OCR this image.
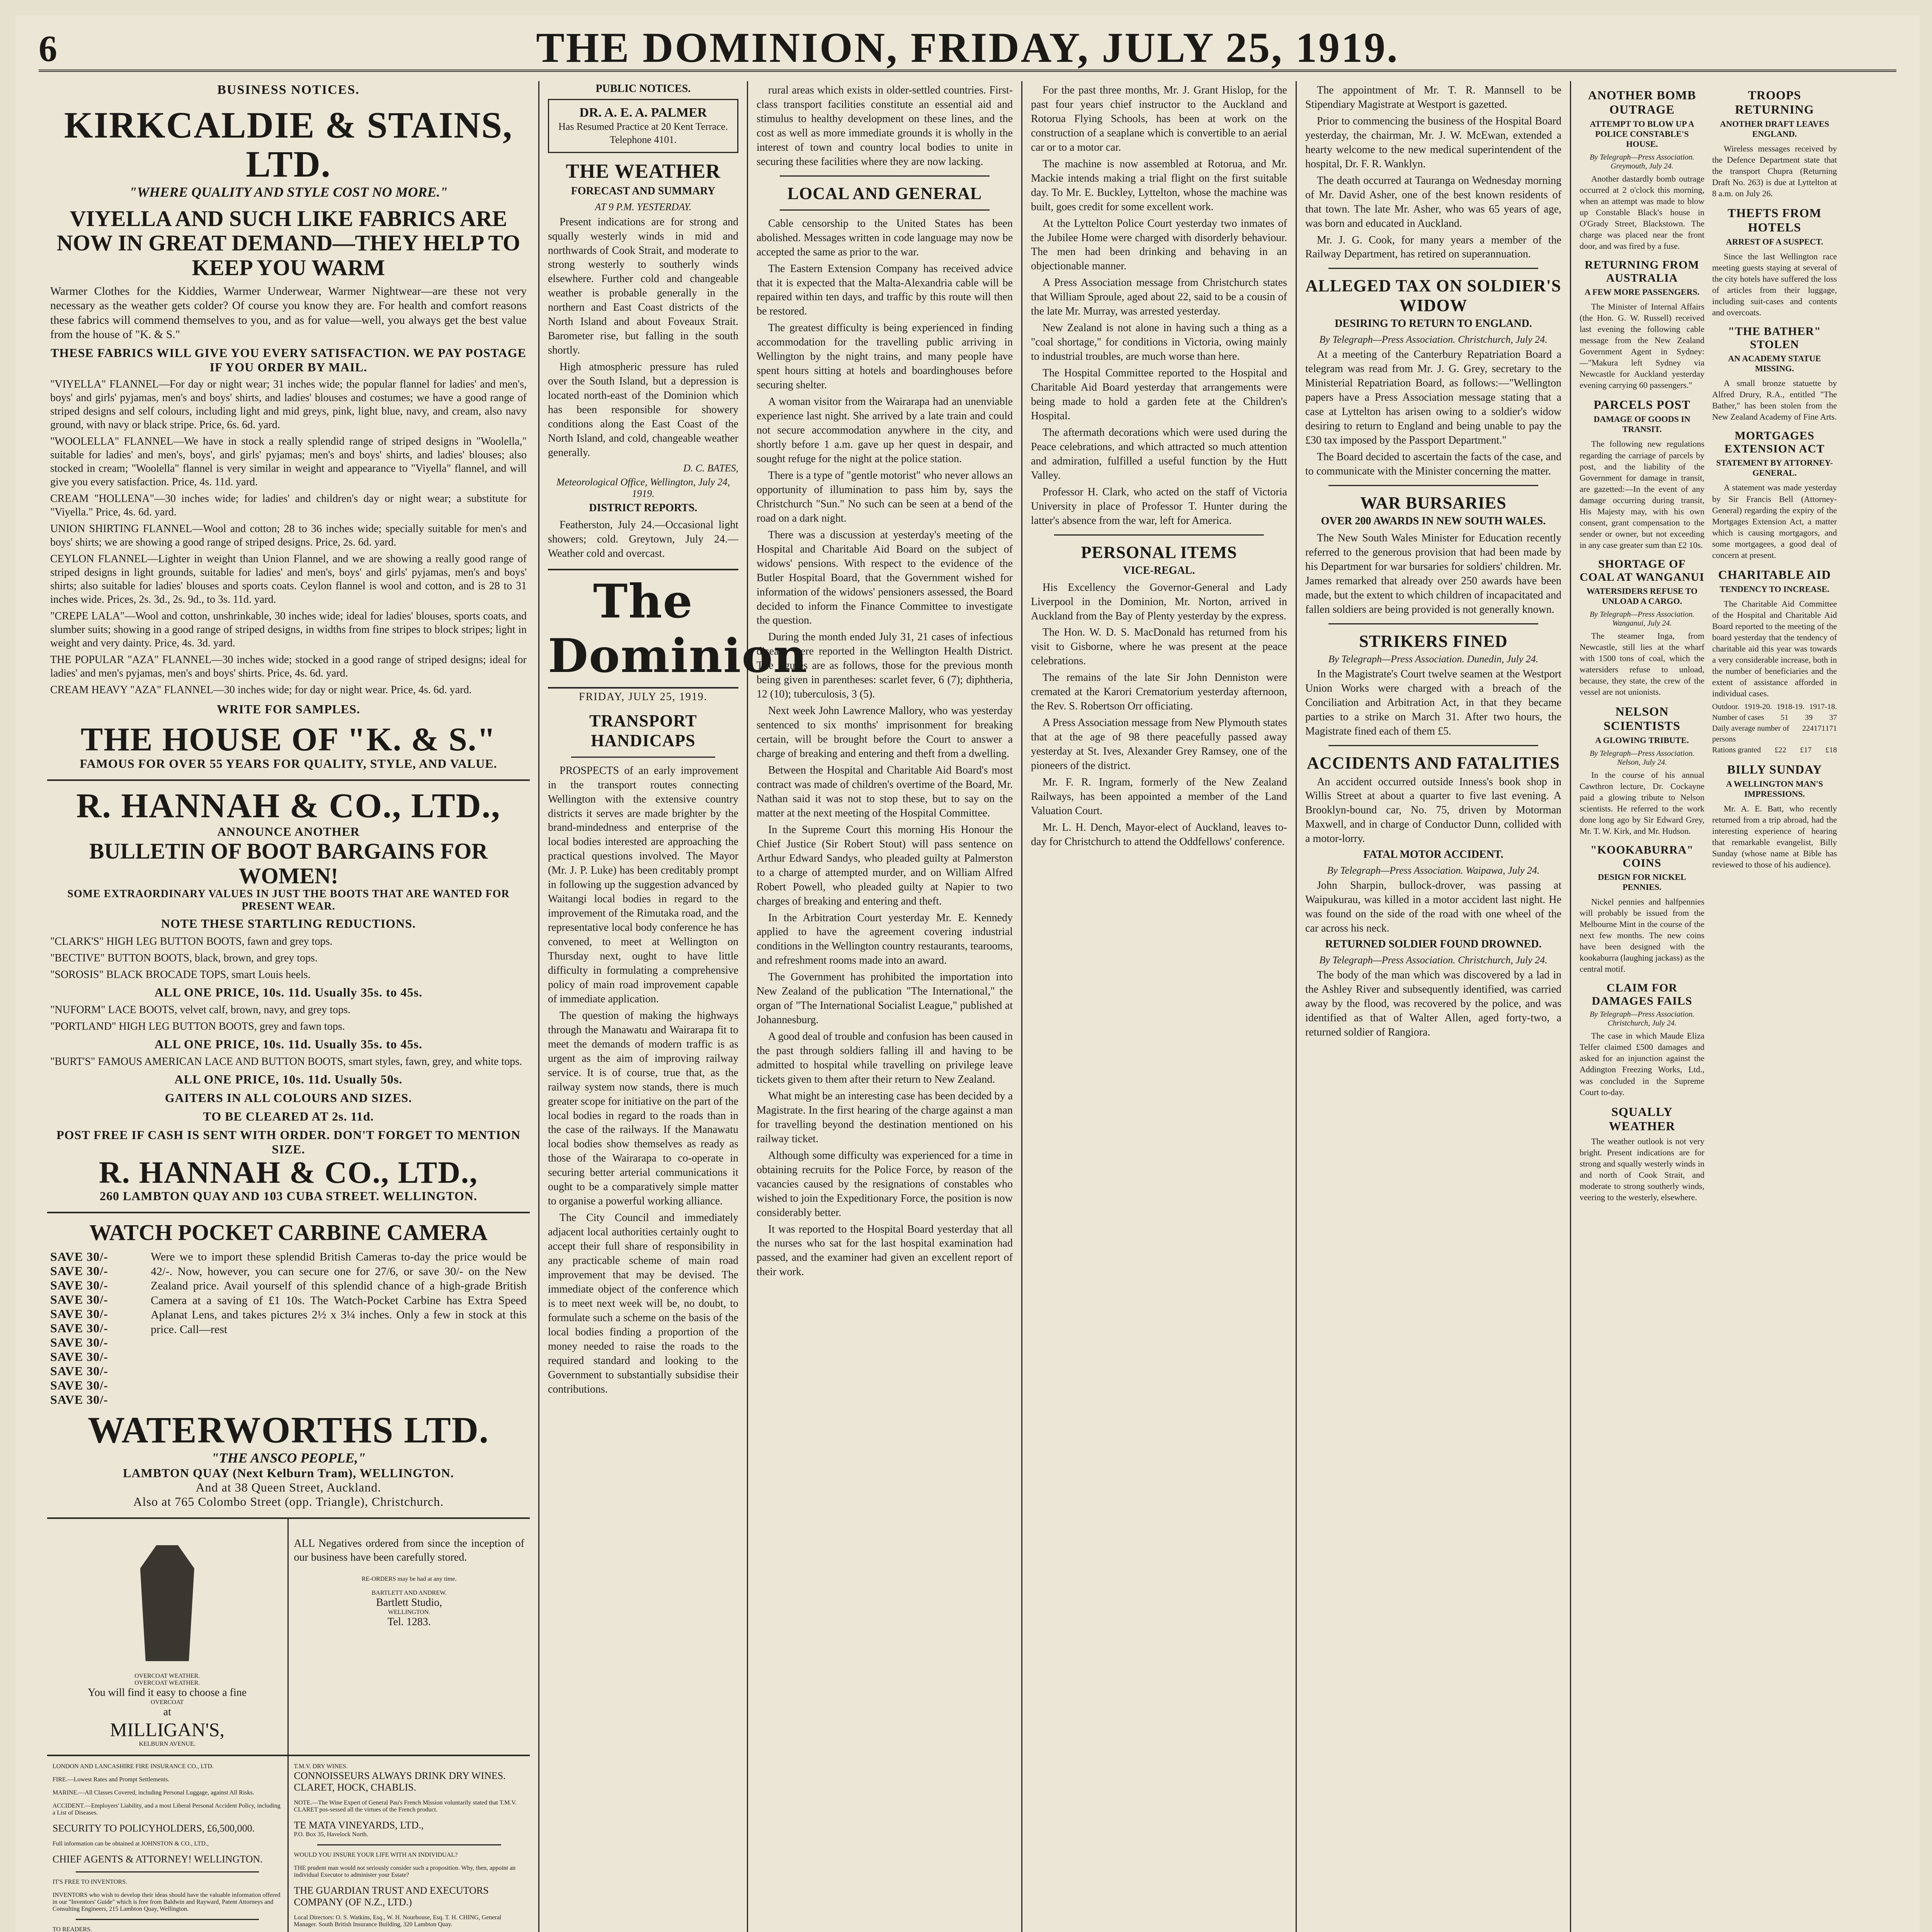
6	THE DOMINION, FRIDAY, JULY 25, 1919.
BUSINESS NOTICES.
KIRKCALDIE & STAINS, LTD.
"WHERE QUALITY AND STYLE COST NO MORE."
VIYELLA AND SUCH LIKE FABRICS ARE NOW IN GREAT DEMAND—THEY HELP TO KEEP YOU WARM

Warmer Clothes for the Kiddies, Warmer Underwear, Warmer Nightwear—are these not very necessary as the weather gets colder? Of course you know they are. For health and comfort reasons these fabrics will commend themselves to you, and as for value—well, you always get the best value from the house of "K. & S."

THESE FABRICS WILL GIVE YOU EVERY SATISFACTION. WE PAY POSTAGE IF YOU ORDER BY MAIL.
"VIYELLA" FLANNEL—For day or night wear; 31 inches wide; the popular flannel for ladies' and men's, boys' and girls' pyjamas, men's and boys' shirts, and ladies' blouses and costumes; we have a good range of striped designs and self colours, including light and mid greys, pink, light blue, navy, and cream, also navy ground, with navy or black stripe. Price, 6s. 6d. yard.
"WOOLELLA" FLANNEL—We have in stock a really splendid range of striped designs in "Woolella," suitable for ladies' and men's, boys', and girls' pyjamas; men's and boys' shirts, and ladies' blouses; also stocked in cream; "Woolella" flannel is very similar in weight and appearance to "Viyella" flannel, and will give you every satisfaction. Price, 4s. 11d. yard.
CREAM "HOLLENA"—30 inches wide; for ladies' and children's day or night wear; a substitute for "Viyella." Price, 4s. 6d. yard.
UNION SHIRTING FLANNEL—Wool and cotton; 28 to 36 inches wide; specially suitable for men's and boys' shirts; we are showing a good range of striped designs. Price, 2s. 6d. yard.
CEYLON FLANNEL—Lighter in weight than Union Flannel, and we are showing a really good range of striped designs in light grounds, suitable for ladies' and men's, boys' and girls' pyjamas, men's and boys' shirts; also suitable for ladies' blouses and sports coats. Ceylon flannel is wool and cotton, and is 28 to 31 inches wide. Prices, 2s. 3d., 2s. 9d., to 3s. 11d. yard.
"CREPE LALA"—Wool and cotton, unshrinkable, 30 inches wide; ideal for ladies' blouses, sports coats, and slumber suits; showing in a good range of striped designs, in widths from fine stripes to block stripes; light in weight and very dainty. Price, 4s. 3d. yard.
THE POPULAR "AZA" FLANNEL—30 inches wide; stocked in a good range of striped designs; ideal for ladies' and men's pyjamas, men's and boys' shirts. Price, 4s. 6d. yard.
CREAM HEAVY "AZA" FLANNEL—30 inches wide; for day or night wear. Price, 4s. 6d. yard.
WRITE FOR SAMPLES.
THE HOUSE OF "K. & S."
FAMOUS FOR OVER 55 YEARS FOR QUALITY, STYLE, AND VALUE.
R. HANNAH & CO., LTD.,
ANNOUNCE ANOTHER
BULLETIN OF BOOT BARGAINS FOR WOMEN!
SOME EXTRAORDINARY VALUES IN JUST THE BOOTS THAT ARE WANTED FOR PRESENT WEAR.
NOTE THESE STARTLING REDUCTIONS.
"CLARK'S" HIGH LEG BUTTON BOOTS, fawn and grey tops.
"BECTIVE" BUTTON BOOTS, black, brown, and grey tops.
"SOROSIS" BLACK BROCADE TOPS, smart Louis heels.
ALL ONE PRICE, 10s. 11d. Usually 35s. to 45s.
"NUFORM" LACE BOOTS, velvet calf, brown, navy, and grey tops.
"PORTLAND" HIGH LEG BUTTON BOOTS, grey and fawn tops.
ALL ONE PRICE, 10s. 11d. Usually 35s. to 45s.
"BURT'S" FAMOUS AMERICAN LACE AND BUTTON BOOTS, smart styles, fawn, grey, and white tops.
ALL ONE PRICE, 10s. 11d. Usually 50s.
GAITERS IN ALL COLOURS AND SIZES.
TO BE CLEARED AT 2s. 11d.
POST FREE IF CASH IS SENT WITH ORDER. DON'T FORGET TO MENTION SIZE.
R. HANNAH & CO., LTD.,
260 LAMBTON QUAY AND 103 CUBA STREET. WELLINGTON.
WATCH POCKET CARBINE CAMERA
SAVE 30/-
SAVE 30/-
SAVE 30/-
SAVE 30/-
SAVE 30/-
SAVE 30/-
SAVE 30/-
SAVE 30/-
SAVE 30/-
SAVE 30/-
SAVE 30/-

Were we to import these splendid British Cameras to-day the price would be 42/-. Now, however, you can secure one for 27/6, or save 30/- on the New Zealand price. Avail yourself of this splendid chance of a high-grade British Camera at a saving of £1 10s. The Watch-Pocket Carbine has Extra Speed Aplanat Lens, and takes pictures 2½ x 3¼ inches. Only a few in stock at this price. Call—rest

WATERWORTHS LTD.
"THE ANSCO PEOPLE,"
LAMBTON QUAY (Next Kelburn Tram), WELLINGTON.
And at 38 Queen Street, Auckland.
Also at 765 Colombo Street (opp. Triangle), Christchurch.
OVERCOAT WEATHER.
OVERCOAT WEATHER.
You will find it easy to choose a fine
OVERCOAT
at
MILLIGAN'S,
KELBURN AVENUE.

ALL Negatives ordered from since the inception of our business have been carefully stored.

RE-ORDERS may be had at any time.
BARTLETT AND ANDREW.
Bartlett Studio,
WELLINGTON.
Tel. 1283.
LONDON AND LANCASHIRE FIRE INSURANCE CO., LTD.

FIRE.—Lowest Rates and Prompt Settlements.

MARINE.—All Classes Covered, including Personal Luggage, against All Risks.

ACCIDENT.—Employers' Liability, and a most Liberal Personal Accident Policy, including a List of Diseases.

SECURITY TO POLICYHOLDERS, £6,500,000.

Full information can be obtained at JOHNSTON & CO., LTD.,

CHIEF AGENTS & ATTORNEY! WELLINGTON.
IT'S FREE TO INVENTORS.

INVENTORS who wish to develop their ideas should have the valuable information offered in our "Inventors' Guide" which is free from Baldwin and Rayward, Patent Attorneys and Consulting Engineers, 215 Lambton Quay, Wellington.

TO READERS.

T.M.V. DRY WINES.
CONNOISSEURS ALWAYS DRINK DRY WINES.
CLARET, HOCK, CHABLIS.

NOTE.—The Wine Expert of General Pau's French Mission voluntarily stated that T.M.V. CLARET pos-sessed all the virtues of the French product.

TE MATA VINEYARDS, LTD.,
P.O. Box 35, Havelock North.
WOULD YOU INSURE YOUR LIFE WITH AN INDIVIDUAL?

THE prudent man would not seriously consider such a proposition. Why, then, appoint an individual Executor to administer your Estate?

THE GUARDIAN TRUST AND EXECUTORS COMPANY (OF N.Z., LTD.)

Local Directors: O. S. Watkins, Esq., W. H. Nourbouse, Esq. T. H. CHING, General Manager. South British Insurance Building, 320 Lambton Quay.

PUBLIC NOTICES.
DR. A. E. A. PALMER
Has Resumed Practice at 20 Kent Terrace.
Telephone 4101.
THE WEATHER
FORECAST AND SUMMARY
AT 9 P.M. YESTERDAY.

Present indications are for strong and squally westerly winds in mid and northwards of Cook Strait, and moderate to strong westerly to southerly winds elsewhere. Further cold and changeable weather is probable generally in the northern and East Coast districts of the North Island and about Foveaux Strait. Barometer rise, but falling in the south shortly.

High atmospheric pressure has ruled over the South Island, but a depression is located north-east of the Dominion which has been responsible for showery conditions along the East Coast of the North Island, and cold, changeable weather generally.

D. C. BATES,
Meteorological Office, Wellington, July 24, 1919.
DISTRICT REPORTS.

Featherston, July 24.—Occasional light showers; cold. Greytown, July 24.—Weather cold and overcast.

The Dominion
FRIDAY, JULY 25, 1919.
TRANSPORT HANDICAPS

PROSPECTS of an early improvement in the transport routes connecting Wellington with the extensive country districts it serves are made brighter by the brand-mindedness and enterprise of the local bodies interested are approaching the practical questions involved. The Mayor (Mr. J. P. Luke) has been creditably prompt in following up the suggestion advanced by Waitangi local bodies in regard to the improvement of the Rimutaka road, and the representative local body conference he has convened, to meet at Wellington on Thursday next, ought to have little difficulty in formulating a comprehensive policy of main road improvement capable of immediate application.

The question of making the highways through the Manawatu and Wairarapa fit to meet the demands of modern traffic is as urgent as the aim of improving railway service. It is of course, true that, as the railway system now stands, there is much greater scope for initiative on the part of the local bodies in regard to the roads than in the case of the railways. If the Manawatu local bodies show themselves as ready as those of the Wairarapa to co-operate in securing better arterial communications it ought to be a comparatively simple matter to organise a powerful working alliance.

The City Council and immediately adjacent local authorities certainly ought to accept their full share of responsibility in any practicable scheme of main road improvement that may be devised. The immediate object of the conference which is to meet next week will be, no doubt, to formulate such a scheme on the basis of the local bodies finding a proportion of the money needed to raise the roads to the required standard and looking to the Government to substantially subsidise their contributions.

rural areas which exists in older-settled countries. First-class transport facilities constitute an essential aid and stimulus to healthy development on these lines, and the cost as well as more immediate grounds it is wholly in the interest of town and country local bodies to unite in securing these facilities where they are now lacking.

LOCAL AND GENERAL

Cable censorship to the United States has been abolished. Messages written in code language may now be accepted the same as prior to the war.

The Eastern Extension Company has received advice that it is expected that the Malta-Alexandria cable will be repaired within ten days, and traffic by this route will then be restored.

The greatest difficulty is being experienced in finding accommodation for the travelling public arriving in Wellington by the night trains, and many people have spent hours sitting at hotels and boardinghouses before securing shelter.

A woman visitor from the Wairarapa had an unenviable experience last night. She arrived by a late train and could not secure accommodation anywhere in the city, and shortly before 1 a.m. gave up her quest in despair, and sought refuge for the night at the police station.

There is a type of "gentle motorist" who never allows an opportunity of illumination to pass him by, says the Christchurch "Sun." No such can be seen at a bend of the road on a dark night.

There was a discussion at yesterday's meeting of the Hospital and Charitable Aid Board on the subject of widows' pensions. With respect to the evidence of the Butler Hospital Board, that the Government wished for information of the widows' pensioners assessed, the Board decided to inform the Finance Committee to investigate the question.

During the month ended July 31, 21 cases of infectious disease were reported in the Wellington Health District. The figures are as follows, those for the previous month being given in parentheses: scarlet fever, 6 (7); diphtheria, 12 (10); tuberculosis, 3 (5).

Next week John Lawrence Mallory, who was yesterday sentenced to six months' imprisonment for breaking certain, will be brought before the Court to answer a charge of breaking and entering and theft from a dwelling.

Between the Hospital and Charitable Aid Board's most contract was made of children's overtime of the Board, Mr. Nathan said it was not to stop these, but to say on the matter at the next meeting of the Hospital Committee.

In the Supreme Court this morning His Honour the Chief Justice (Sir Robert Stout) will pass sentence on Arthur Edward Sandys, who pleaded guilty at Palmerston to a charge of attempted murder, and on William Alfred Robert Powell, who pleaded guilty at Napier to two charges of breaking and entering and theft.

In the Arbitration Court yesterday Mr. E. Kennedy applied to have the agreement covering industrial conditions in the Wellington country restaurants, tearooms, and refreshment rooms made into an award.

The Government has prohibited the importation into New Zealand of the publication "The International," the organ of "The International Socialist League," published at Johannesburg.

A good deal of trouble and confusion has been caused in the past through soldiers falling ill and having to be admitted to hospital while travelling on privilege leave tickets given to them after their return to New Zealand.

What might be an interesting case has been decided by a Magistrate. In the first hearing of the charge against a man for travelling beyond the destination mentioned on his railway ticket.

Although some difficulty was experienced for a time in obtaining recruits for the Police Force, by reason of the vacancies caused by the resignations of constables who wished to join the Expeditionary Force, the position is now considerably better.

It was reported to the Hospital Board yesterday that all the nurses who sat for the last hospital examination had passed, and the examiner had given an excellent report of their work.

For the past three months, Mr. J. Grant Hislop, for the past four years chief instructor to the Auckland and Rotorua Flying Schools, has been at work on the construction of a seaplane which is convertible to an aerial car or to a motor car.

The machine is now assembled at Rotorua, and Mr. Mackie intends making a trial flight on the first suitable day. To Mr. E. Buckley, Lyttelton, whose the machine was built, goes credit for some excellent work.

At the Lyttelton Police Court yesterday two inmates of the Jubilee Home were charged with disorderly behaviour. The men had been drinking and behaving in an objectionable manner.

A Press Association message from Christchurch states that William Sproule, aged about 22, said to be a cousin of the late Mr. Murray, was arrested yesterday.

New Zealand is not alone in having such a thing as a "coal shortage," for conditions in Victoria, owing mainly to industrial troubles, are much worse than here.

The Hospital Committee reported to the Hospital and Charitable Aid Board yesterday that arrangements were being made to hold a garden fete at the Children's Hospital.

The aftermath decorations which were used during the Peace celebrations, and which attracted so much attention and admiration, fulfilled a useful function by the Hutt Valley.

Professor H. Clark, who acted on the staff of Victoria University in place of Professor T. Hunter during the latter's absence from the war, left for America.

PERSONAL ITEMS
VICE-REGAL.

His Excellency the Governor-General and Lady Liverpool in the Dominion, Mr. Norton, arrived in Auckland from the Bay of Plenty yesterday by the express.

The Hon. W. D. S. MacDonald has returned from his visit to Gisborne, where he was present at the peace celebrations.

The remains of the late Sir John Denniston were cremated at the Karori Crematorium yesterday afternoon, the Rev. S. Robertson Orr officiating.

A Press Association message from New Plymouth states that at the age of 98 there peacefully passed away yesterday at St. Ives, Alexander Grey Ramsey, one of the pioneers of the district.

Mr. F. R. Ingram, formerly of the New Zealand Railways, has been appointed a member of the Land Valuation Court.

Mr. L. H. Dench, Mayor-elect of Auckland, leaves to-day for Christchurch to attend the Oddfellows' conference.

The appointment of Mr. T. R. Mannsell to be Stipendiary Magistrate at Westport is gazetted.

Prior to commencing the business of the Hospital Board yesterday, the chairman, Mr. J. W. McEwan, extended a hearty welcome to the new medical superintendent of the hospital, Dr. F. R. Wanklyn.

The death occurred at Tauranga on Wednesday morning of Mr. David Asher, one of the best known residents of that town. The late Mr. Asher, who was 65 years of age, was born and educated in Auckland.

Mr. J. G. Cook, for many years a member of the Railway Department, has retired on superannuation.

ALLEGED TAX ON SOLDIER'S WIDOW
DESIRING TO RETURN TO ENGLAND.
By Telegraph—Press Association. Christchurch, July 24.

At a meeting of the Canterbury Repatriation Board a telegram was read from Mr. J. G. Grey, secretary to the Ministerial Repatriation Board, as follows:—"Wellington papers have a Press Association message stating that a case at Lyttelton has arisen owing to a soldier's widow desiring to return to England and being unable to pay the £30 tax imposed by the Passport Department."

The Board decided to ascertain the facts of the case, and to communicate with the Minister concerning the matter.

WAR BURSARIES
OVER 200 AWARDS IN NEW SOUTH WALES.

The New South Wales Minister for Education recently referred to the generous provision that had been made by his Department for war bursaries for soldiers' children. Mr. James remarked that already over 250 awards have been made, but the extent to which children of incapacitated and fallen soldiers are being provided is not generally known.

STRIKERS FINED
By Telegraph—Press Association. Dunedin, July 24.

In the Magistrate's Court twelve seamen at the Westport Union Works were charged with a breach of the Conciliation and Arbitration Act, in that they became parties to a strike on March 31. After two hours, the Magistrate fined each of them £5.

ACCIDENTS AND FATALITIES

An accident occurred outside Inness's book shop in Willis Street at about a quarter to five last evening. A Brooklyn-bound car, No. 75, driven by Motorman Maxwell, and in charge of Conductor Dunn, collided with a motor-lorry.

FATAL MOTOR ACCIDENT.
By Telegraph—Press Association. Waipawa, July 24.

John Sharpin, bullock-drover, was passing at Waipukurau, was killed in a motor accident last night. He was found on the side of the road with one wheel of the car across his neck.

RETURNED SOLDIER FOUND DROWNED.
By Telegraph—Press Association. Christchurch, July 24.

The body of the man which was discovered by a lad in the Ashley River and subsequently identified, was carried away by the flood, was recovered by the police, and was identified as that of Walter Allen, aged forty-two, a returned soldier of Rangiora.

ANOTHER BOMB OUTRAGE
ATTEMPT TO BLOW UP A POLICE CONSTABLE'S HOUSE.
By Telegraph—Press Association. Greymouth, July 24.

Another dastardly bomb outrage occurred at 2 o'clock this morning, when an attempt was made to blow up Constable Black's house in O'Grady Street, Blackstown. The charge was placed near the front door, and was fired by a fuse.

RETURNING FROM AUSTRALIA
A FEW MORE PASSENGERS.

The Minister of Internal Affairs (the Hon. G. W. Russell) received last evening the following cable message from the New Zealand Government Agent in Sydney:—"Makura left Sydney via Newcastle for Auckland yesterday evening carrying 60 passengers."

PARCELS POST
DAMAGE OF GOODS IN TRANSIT.

The following new regulations regarding the carriage of parcels by post, and the liability of the Government for damage in transit, are gazetted:—In the event of any damage occurring during transit, His Majesty may, with his own consent, grant compensation to the sender or owner, but not exceeding in any case greater sum than £2 10s.

SHORTAGE OF COAL AT WANGANUI
WATERSIDERS REFUSE TO UNLOAD A CARGO.
By Telegraph—Press Association. Wanganui, July 24.

The steamer Inga, from Newcastle, still lies at the wharf with 1500 tons of coal, which the watersiders refuse to unload, because, they state, the crew of the vessel are not unionists.

NELSON SCIENTISTS
A GLOWING TRIBUTE.
By Telegraph—Press Association. Nelson, July 24.

In the course of his annual Cawthron lecture, Dr. Cockayne paid a glowing tribute to Nelson scientists. He referred to the work done long ago by Sir Edward Grey, Mr. T. W. Kirk, and Mr. Hudson.

"KOOKABURRA" COINS
DESIGN FOR NICKEL PENNIES.

Nickel pennies and halfpennies will probably be issued from the Melbourne Mint in the course of the next few months. The new coins have been designed with the kookaburra (laughing jackass) as the central motif.

CLAIM FOR DAMAGES FAILS
By Telegraph—Press Association. Christchurch, July 24.

The case in which Maude Eliza Telfer claimed £500 damages and asked for an injunction against the Addington Freezing Works, Ltd., was concluded in the Supreme Court to-day.

SQUALLY WEATHER

The weather outlook is not very bright. Present indications are for strong and squally westerly winds in and north of Cook Strait, and moderate to strong southerly winds, veering to the westerly, elsewhere.

TROOPS RETURNING
ANOTHER DRAFT LEAVES ENGLAND.

Wireless messages received by the Defence Department state that the transport Chupra (Returning Draft No. 263) is due at Lyttelton at 8 a.m. on July 26.

THEFTS FROM HOTELS
ARREST OF A SUSPECT.

Since the last Wellington race meeting guests staying at several of the city hotels have suffered the loss of articles from their luggage, including suit-cases and contents and overcoats.

"THE BATHER" STOLEN
AN ACADEMY STATUE MISSING.

A small bronze statuette by Alfred Drury, R.A., entitled "The Bather," has been stolen from the New Zealand Academy of Fine Arts.

MORTGAGES EXTENSION ACT
STATEMENT BY ATTORNEY-GENERAL.

A statement was made yesterday by Sir Francis Bell (Attorney-General) regarding the expiry of the Mortgages Extension Act, a matter which is causing mortgagors, and some mortgagees, a good deal of concern at present.

CHARITABLE AID
TENDENCY TO INCREASE.

The Charitable Aid Committee of the Hospital and Charitable Aid Board reported to the meeting of the board yesterday that the tendency of charitable aid this year was towards a very considerable increase, both in the number of beneficiaries and the extent of assistance afforded in individual cases.

Outdoor. 1919-20. 1918-19. 1917-18.
Number of cases 51 39 37
Daily average number of persons
224 171 171
Rations granted £22 £17 £18
BILLY SUNDAY
A WELLINGTON MAN'S IMPRESSIONS.

Mr. A. E. Batt, who recently returned from a trip abroad, had the interesting experience of hearing that remarkable evangelist, Billy Sunday (whose name at Bible has reviewed to those of his audience).
